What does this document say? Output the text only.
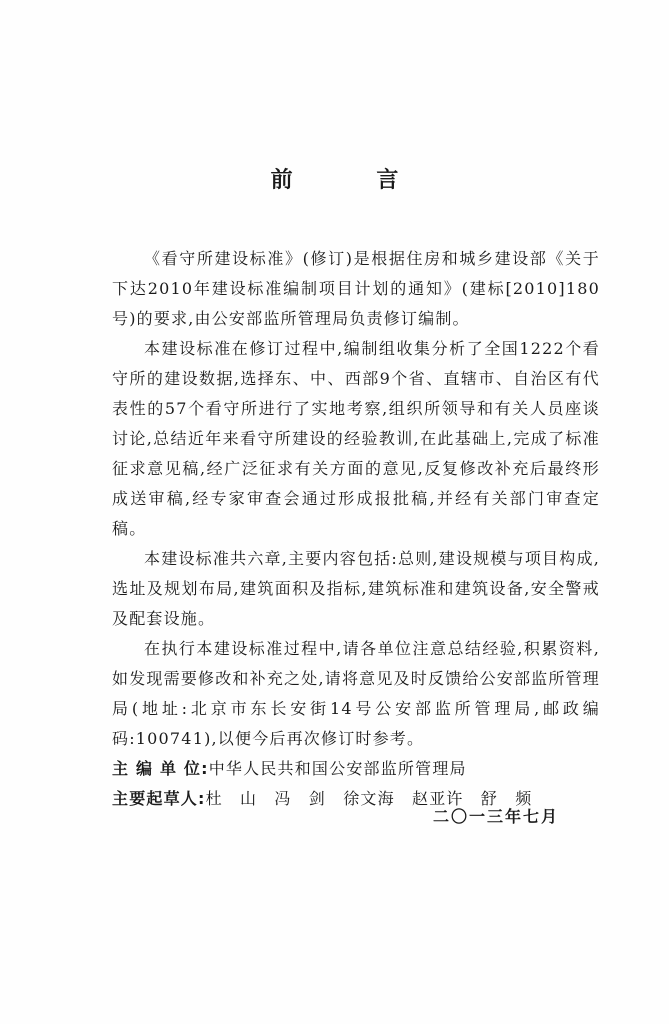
前 言

《看守所建设标准》(修订)是根据住房和城乡建设部《关于下达2010年建设标准编制项目计划的通知》(建标[2010]180号)的要求,由公安部监所管理局负责修订编制。

本建设标准在修订过程中,编制组收集分析了全国1222个看守所的建设数据,选择东、中、西部9个省、直辖市、自治区有代表性的57个看守所进行了实地考察,组织所领导和有关人员座谈讨论,总结近年来看守所建设的经验教训,在此基础上,完成了标准征求意见稿,经广泛征求有关方面的意见,反复修改补充后最终形成送审稿,经专家审查会通过形成报批稿,并经有关部门审查定稿。

本建设标准共六章,主要内容包括:总则,建设规模与项目构成,选址及规划布局,建筑面积及指标,建筑标准和建筑设备,安全警戒及配套设施。

在执行本建设标准过程中,请各单位注意总结经验,积累资料,如发现需要修改和补充之处,请将意见及时反馈给公安部监所管理局(地址:北京市东长安街14号公安部监所管理局,邮政编码:100741),以便今后再次修订时参考。

主 编 单 位:中华人民共和国公安部监所管理局

主要起草人:杜　山　冯　剑　徐文海　赵亚许　舒　频

二〇一三年七月
